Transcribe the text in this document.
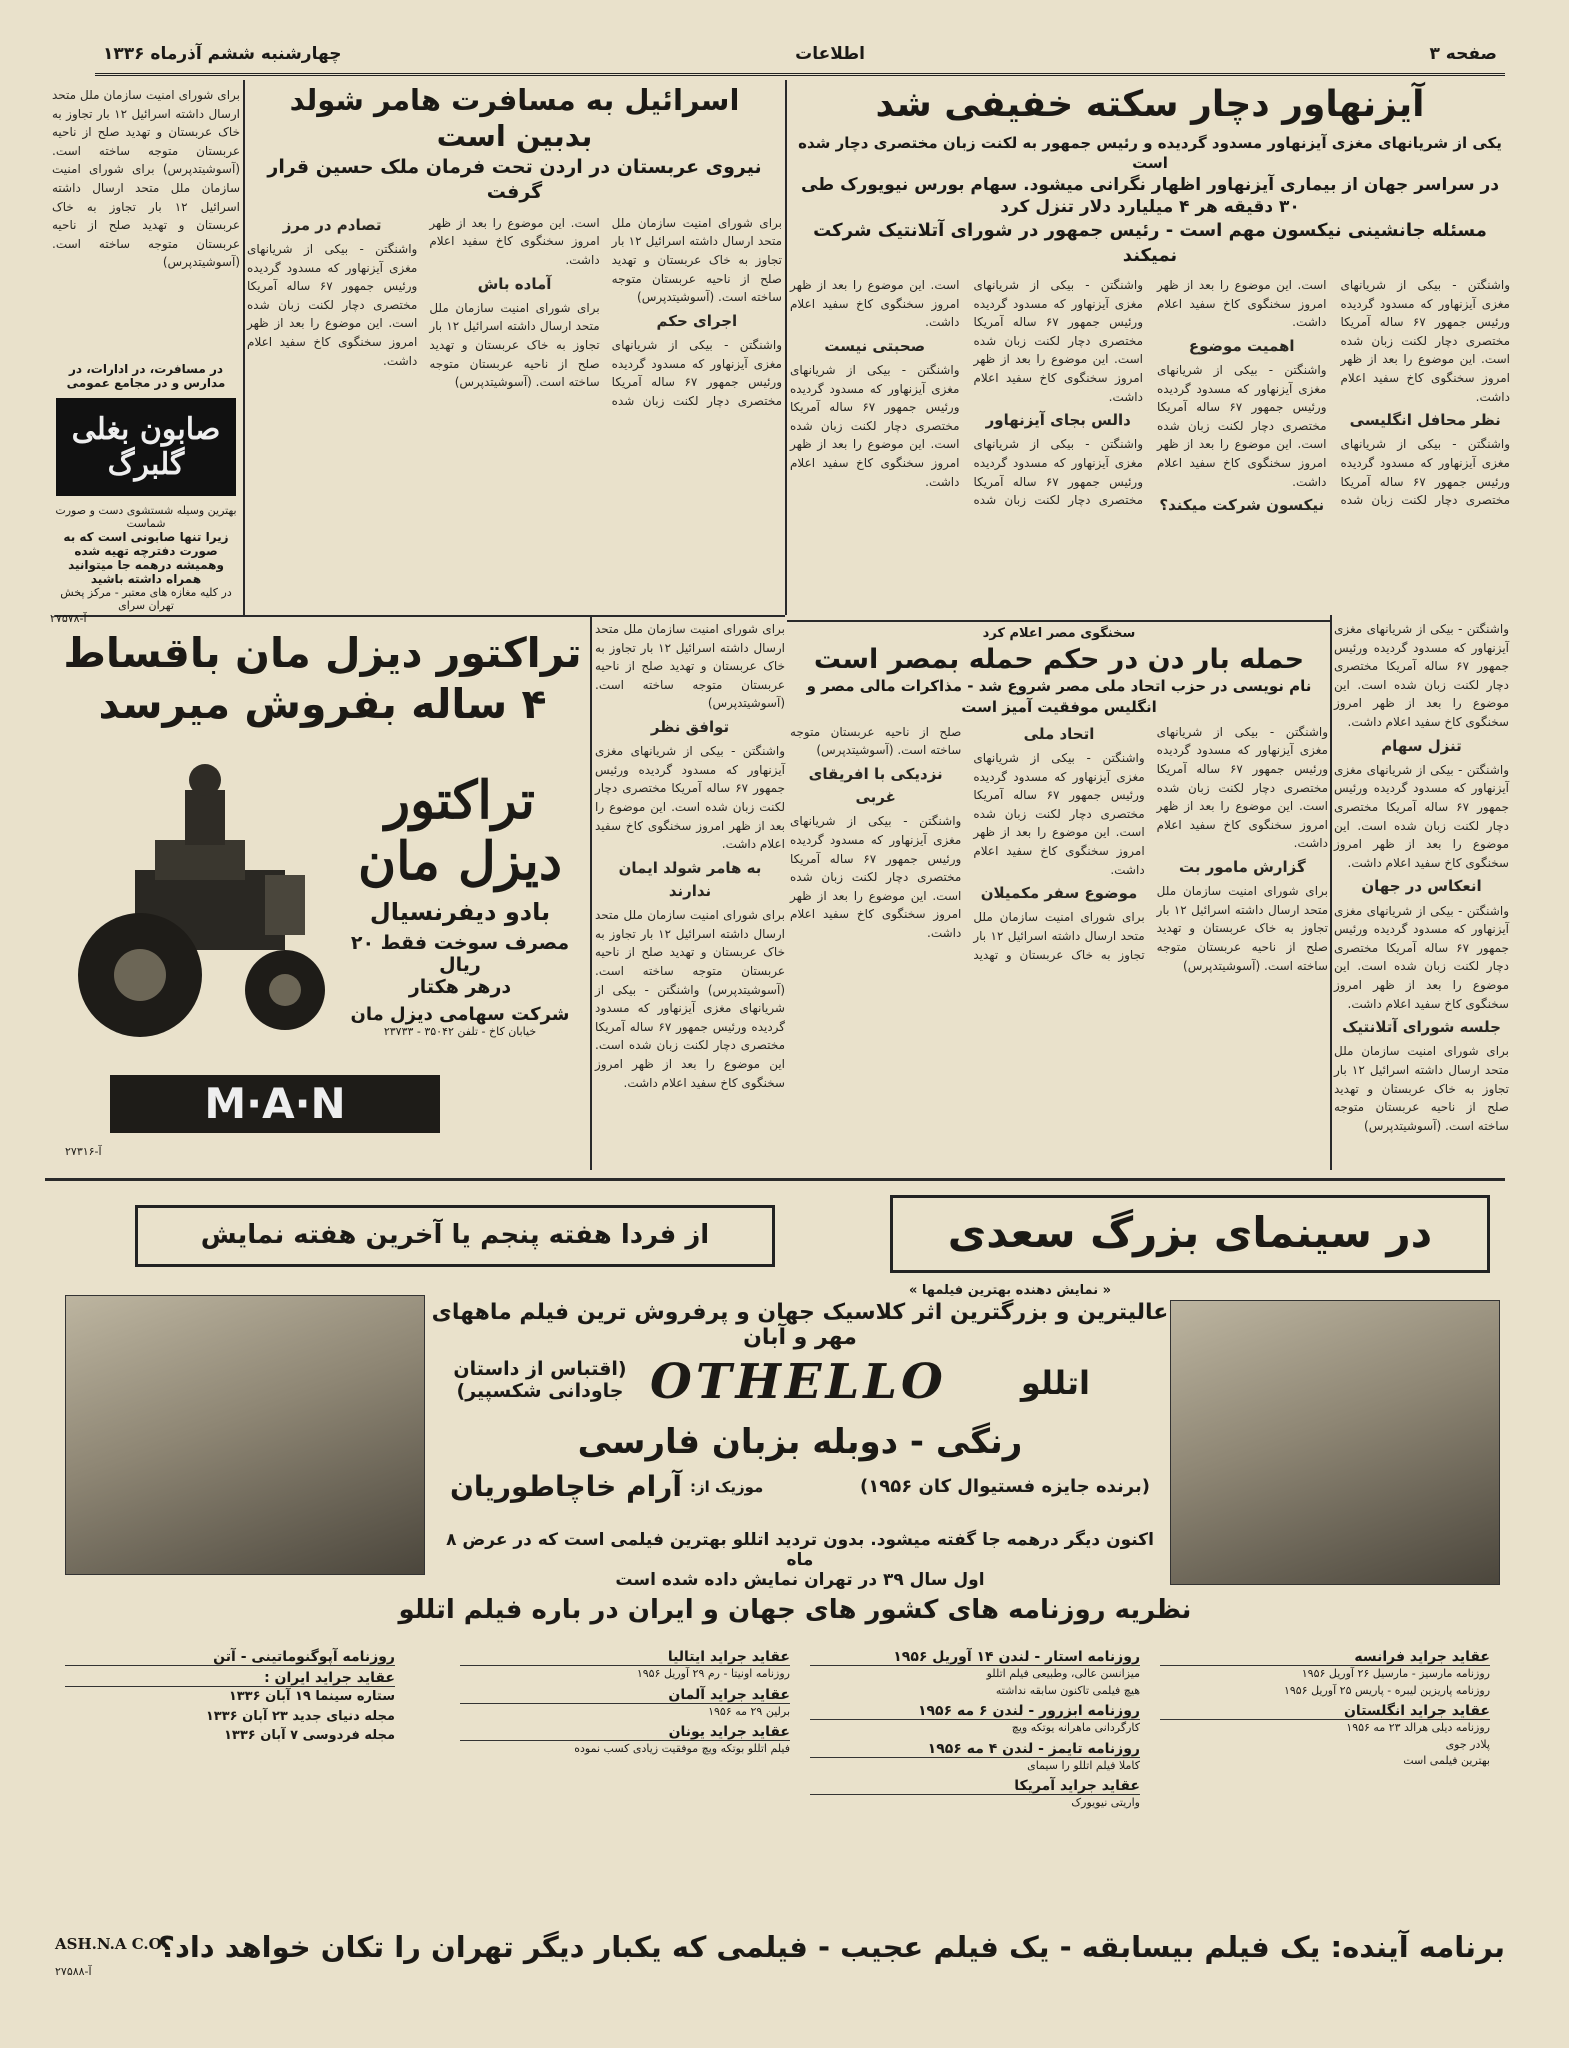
صفحه ۳
اطلاعات
چهارشنبه ششم آذرماه ۱۳۳۶
آیزنهاور دچار سکته خفیفی شد
یکی از شریانهای مغزی آیزنهاور مسدود گردیده و رئیس جمهور به لکنت زبان مختصری دچار شده است
در سراسر جهان از بیماری آیزنهاور اظهار نگرانی میشود. سهام بورس نیویورک طی ۳۰ دقیقه هر ۴ میلیارد دلار تنزل کرد
مسئله جانشینی نیکسون مهم است - رئیس جمهور در شورای آتلانتیک شرکت نمیکند
واشنگتن - بیکی از شریانهای مغزی آیزنهاور که مسدود گردیده ورئیس جمهور ۶۷ ساله آمریکا مختصری دچار لکنت زبان شده است. این موضوع را بعد از ظهر امروز سخنگوی کاخ سفید اعلام داشت.
نظر محافل انگلیسی
واشنگتن - بیکی از شریانهای مغزی آیزنهاور که مسدود گردیده ورئیس جمهور ۶۷ ساله آمریکا مختصری دچار لکنت زبان شده است. این موضوع را بعد از ظهر امروز سخنگوی کاخ سفید اعلام داشت.
اهمیت موضوع
واشنگتن - بیکی از شریانهای مغزی آیزنهاور که مسدود گردیده ورئیس جمهور ۶۷ ساله آمریکا مختصری دچار لکنت زبان شده است. این موضوع را بعد از ظهر امروز سخنگوی کاخ سفید اعلام داشت.
نیکسون شرکت میکند؟
واشنگتن - بیکی از شریانهای مغزی آیزنهاور که مسدود گردیده ورئیس جمهور ۶۷ ساله آمریکا مختصری دچار لکنت زبان شده است. این موضوع را بعد از ظهر امروز سخنگوی کاخ سفید اعلام داشت.
دالس بجای آیزنهاور
واشنگتن - بیکی از شریانهای مغزی آیزنهاور که مسدود گردیده ورئیس جمهور ۶۷ ساله آمریکا مختصری دچار لکنت زبان شده است. این موضوع را بعد از ظهر امروز سخنگوی کاخ سفید اعلام داشت.
صحبتی نیست
واشنگتن - بیکی از شریانهای مغزی آیزنهاور که مسدود گردیده ورئیس جمهور ۶۷ ساله آمریکا مختصری دچار لکنت زبان شده است. این موضوع را بعد از ظهر امروز سخنگوی کاخ سفید اعلام داشت.
اسرائیل به مسافرت هامر شولد بدبین است
نیروی عربستان در اردن تحت فرمان ملک حسین قرار گرفت
برای شورای امنیت سازمان ملل متحد ارسال داشته اسرائیل ۱۲ بار تجاوز به خاک عربستان و تهدید صلح از ناحیه عربستان متوجه ساخته است. (آسوشیتدپرس)
اجرای حکم
واشنگتن - بیکی از شریانهای مغزی آیزنهاور که مسدود گردیده ورئیس جمهور ۶۷ ساله آمریکا مختصری دچار لکنت زبان شده است. این موضوع را بعد از ظهر امروز سخنگوی کاخ سفید اعلام داشت.
آماده باش
برای شورای امنیت سازمان ملل متحد ارسال داشته اسرائیل ۱۲ بار تجاوز به خاک عربستان و تهدید صلح از ناحیه عربستان متوجه ساخته است. (آسوشیتدپرس)
تصادم در مرز
واشنگتن - بیکی از شریانهای مغزی آیزنهاور که مسدود گردیده ورئیس جمهور ۶۷ ساله آمریکا مختصری دچار لکنت زبان شده است. این موضوع را بعد از ظهر امروز سخنگوی کاخ سفید اعلام داشت.
برای شورای امنیت سازمان ملل متحد ارسال داشته اسرائیل ۱۲ بار تجاوز به خاک عربستان و تهدید صلح از ناحیه عربستان متوجه ساخته است. (آسوشیتدپرس) برای شورای امنیت سازمان ملل متحد ارسال داشته اسرائیل ۱۲ بار تجاوز به خاک عربستان و تهدید صلح از ناحیه عربستان متوجه ساخته است. (آسوشیتدپرس)
در مسافرت، در ادارات، در مدارس و در مجامع عمومی
صابون بغلی گلبرگ
بهترین وسیله شستشوی دست و صورت شماست
زیرا تنها صابونی است که به صورت دفترچه تهیه شده
وهمیشه درهمه جا میتوانید همراه داشته باشید
در کلیه مغازه های معتبر - مرکز پخش تهران سرای
آ-۲۷۵۷۸
تراکتور دیزل مان باقساط
۴ ساله بفروش میرسد
تراکتور دیزل مان
بادو دیفرنسیال
مصرف سوخت فقط ۲۰ ریال
درهر هکتار
شرکت سهامی دیزل مان
خیابان کاخ - تلفن ۳۵۰۴۲ - ۲۳۷۳۳
M·A·N
آ-۲۷۳۱۶
برای شورای امنیت سازمان ملل متحد ارسال داشته اسرائیل ۱۲ بار تجاوز به خاک عربستان و تهدید صلح از ناحیه عربستان متوجه ساخته است. (آسوشیتدپرس)
توافق نظر
واشنگتن - بیکی از شریانهای مغزی آیزنهاور که مسدود گردیده ورئیس جمهور ۶۷ ساله آمریکا مختصری دچار لکنت زبان شده است. این موضوع را بعد از ظهر امروز سخنگوی کاخ سفید اعلام داشت.
به هامر شولد ایمان ندارند
برای شورای امنیت سازمان ملل متحد ارسال داشته اسرائیل ۱۲ بار تجاوز به خاک عربستان و تهدید صلح از ناحیه عربستان متوجه ساخته است. (آسوشیتدپرس) واشنگتن - بیکی از شریانهای مغزی آیزنهاور که مسدود گردیده ورئیس جمهور ۶۷ ساله آمریکا مختصری دچار لکنت زبان شده است. این موضوع را بعد از ظهر امروز سخنگوی کاخ سفید اعلام داشت.
سخنگوی مصر اعلام کرد
حمله بار دن در حکم حمله بمصر است
نام نویسی در حزب اتحاد ملی مصر شروع شد - مذاکرات مالی مصر و انگلیس موفقیت آمیز است
واشنگتن - بیکی از شریانهای مغزی آیزنهاور که مسدود گردیده ورئیس جمهور ۶۷ ساله آمریکا مختصری دچار لکنت زبان شده است. این موضوع را بعد از ظهر امروز سخنگوی کاخ سفید اعلام داشت.
گزارش مامور بت
برای شورای امنیت سازمان ملل متحد ارسال داشته اسرائیل ۱۲ بار تجاوز به خاک عربستان و تهدید صلح از ناحیه عربستان متوجه ساخته است. (آسوشیتدپرس)
اتحاد ملی
واشنگتن - بیکی از شریانهای مغزی آیزنهاور که مسدود گردیده ورئیس جمهور ۶۷ ساله آمریکا مختصری دچار لکنت زبان شده است. این موضوع را بعد از ظهر امروز سخنگوی کاخ سفید اعلام داشت.
موضوع سفر مکمیلان
برای شورای امنیت سازمان ملل متحد ارسال داشته اسرائیل ۱۲ بار تجاوز به خاک عربستان و تهدید صلح از ناحیه عربستان متوجه ساخته است. (آسوشیتدپرس)
نزدیکی با افریقای غربی
واشنگتن - بیکی از شریانهای مغزی آیزنهاور که مسدود گردیده ورئیس جمهور ۶۷ ساله آمریکا مختصری دچار لکنت زبان شده است. این موضوع را بعد از ظهر امروز سخنگوی کاخ سفید اعلام داشت.
واشنگتن - بیکی از شریانهای مغزی آیزنهاور که مسدود گردیده ورئیس جمهور ۶۷ ساله آمریکا مختصری دچار لکنت زبان شده است. این موضوع را بعد از ظهر امروز سخنگوی کاخ سفید اعلام داشت.
تنزل سهام
واشنگتن - بیکی از شریانهای مغزی آیزنهاور که مسدود گردیده ورئیس جمهور ۶۷ ساله آمریکا مختصری دچار لکنت زبان شده است. این موضوع را بعد از ظهر امروز سخنگوی کاخ سفید اعلام داشت.
انعکاس در جهان
واشنگتن - بیکی از شریانهای مغزی آیزنهاور که مسدود گردیده ورئیس جمهور ۶۷ ساله آمریکا مختصری دچار لکنت زبان شده است. این موضوع را بعد از ظهر امروز سخنگوی کاخ سفید اعلام داشت.
جلسه شورای آتلانتیک
برای شورای امنیت سازمان ملل متحد ارسال داشته اسرائیل ۱۲ بار تجاوز به خاک عربستان و تهدید صلح از ناحیه عربستان متوجه ساخته است. (آسوشیتدپرس)
در سینمای بزرگ سعدی
از فردا هفته پنجم یا آخرین هفته نمایش
« نمایش دهنده بهترین فیلمها »
عالیترین و بزرگترین اثر کلاسیک جهان و پرفروش ترین فیلم ماههای مهر و آبان
اتللو
OTHELLO
(اقتباس از داستان
جاودانی شکسپیر)
رنگی - دوبله بزبان فارسی
(برنده جایزه فستیوال کان ۱۹۵۶)
موزیک از:
آرام خاچاطوریان
اکنون دیگر درهمه جا گفته میشود. بدون تردید اتللو بهترین فیلمی است که در عرض ۸ ماه
اول سال ۳۹ در تهران نمایش داده شده است
نظریه روزنامه های کشور های جهان و ایران در باره فیلم اتللو
عقاید جراید فرانسه
روزنامه مارسیز - مارسیل ۲۶ آوریل ۱۹۵۶
روزنامه پاریزین لیبره - پاریس ۲۵ آوریل ۱۹۵۶
عقاید جراید انگلستان
روزنامه دیلی هرالد ۲۳ مه ۱۹۵۶
پلادر جوی
بهترین فیلمی است
روزنامه استار - لندن ۱۴ آوریل ۱۹۵۶
میزانسن عالی، وطبیعی فیلم اتللو
هیچ فیلمی تاکنون سابقه نداشته
روزنامه ابزرور - لندن ۶ مه ۱۹۵۶
کارگردانی ماهرانه یوتکه ویچ
روزنامه تایمز - لندن ۴ مه ۱۹۵۶
کاملا فیلم اتللو را سیمای
عقاید جراید آمریکا
واریتی نیویورک
عقاید جراید ایتالیا
روزنامه اونیتا - رم ۲۹ آوریل ۱۹۵۶
عقاید جراید آلمان
برلین ۲۹ مه ۱۹۵۶
عقاید جراید یونان
فیلم اتللو بوتکه ویچ موفقیت زیادی کسب نموده
روزنامه آپوگنوماتینی - آتن
عقاید جراید ایران :
ستاره سینما ۱۹ آبان ۱۳۳۶
مجله دنیای جدید ۲۳ آبان ۱۳۳۶
مجله فردوسی ۷ آبان ۱۳۳۶
برنامه آینده: یک فیلم بیسابقه - یک فیلم عجیب - فیلمی که یکبار دیگر تهران را تکان خواهد داد؟
ASH.N.A C.O
آ-۲۷۵۸۸
